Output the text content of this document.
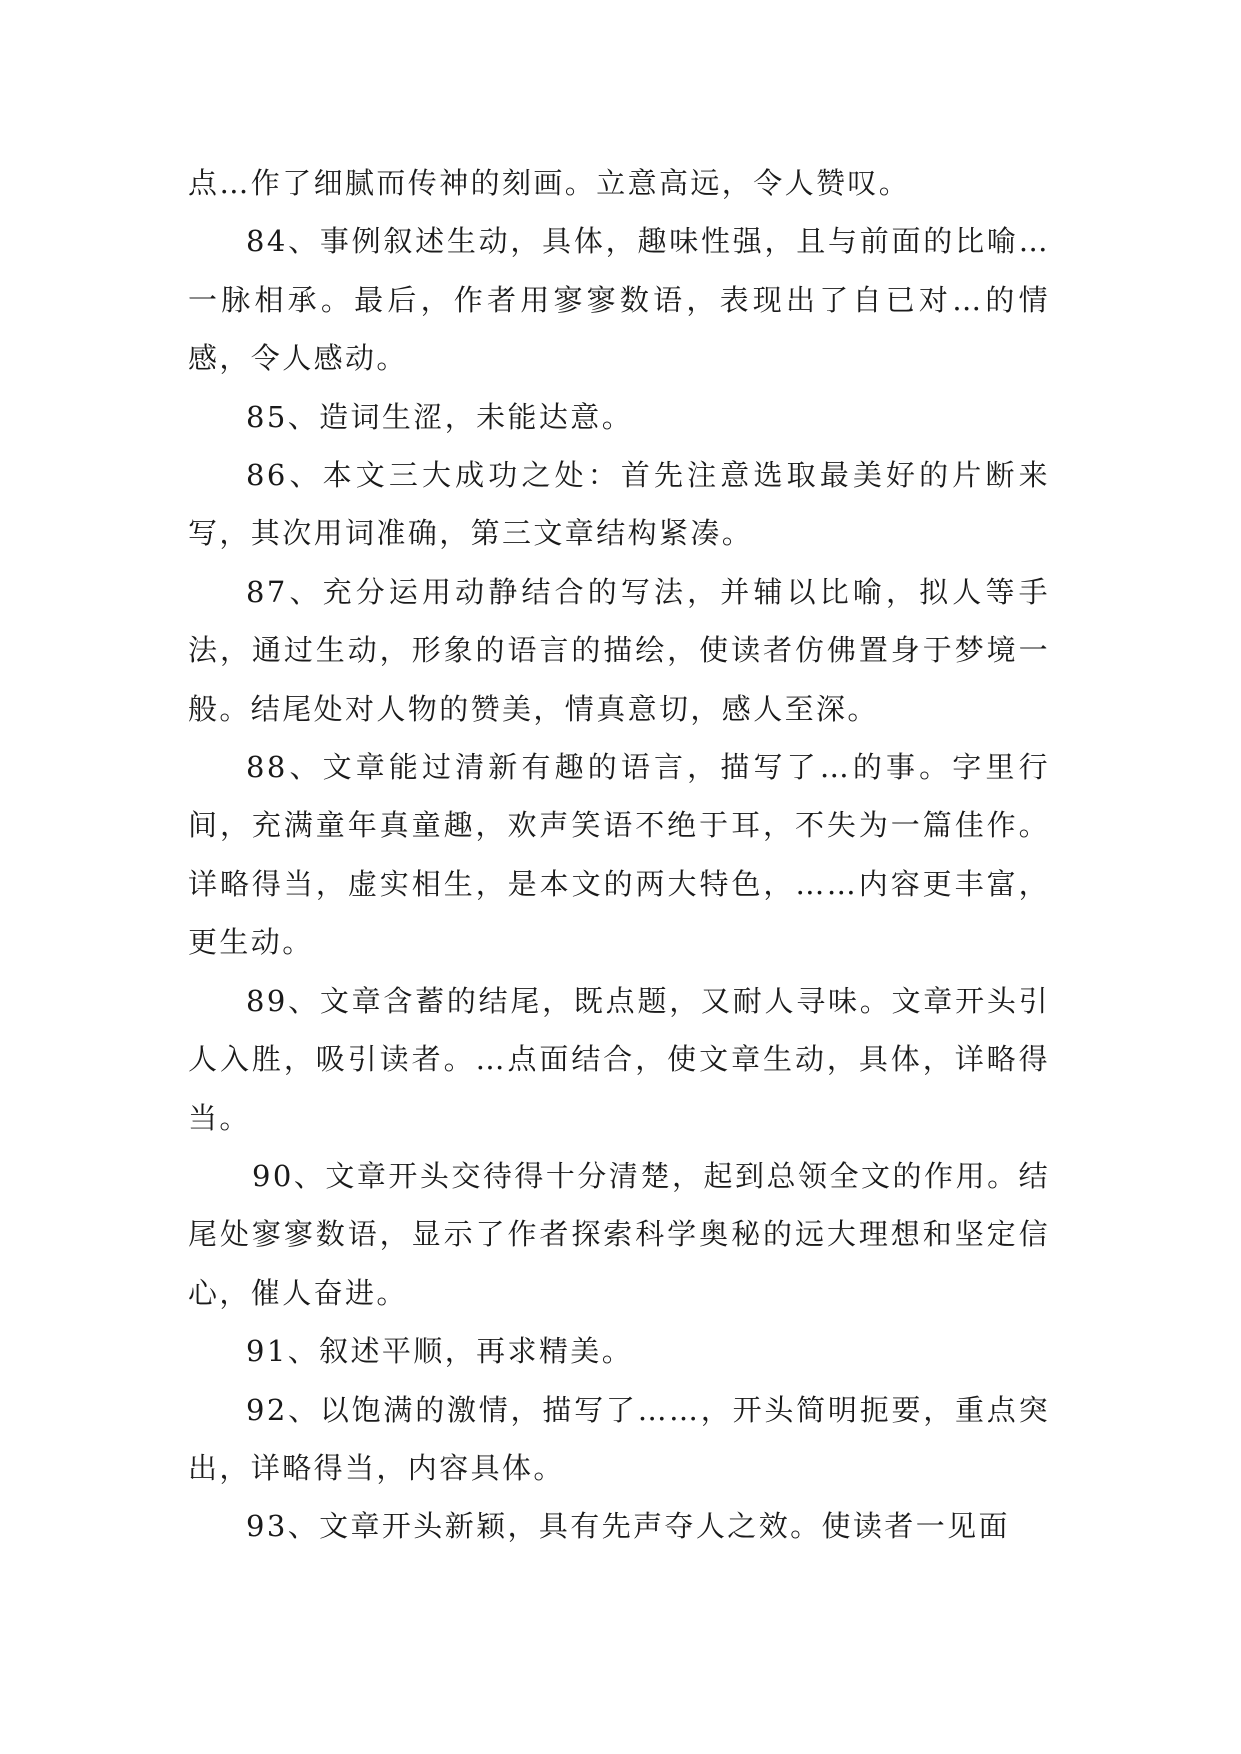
点…作了细腻而传神的刻画。立意高远，令人赞叹。

84、事例叙述生动，具体，趣味性强，且与前面的比喻…一脉相承。最后，作者用寥寥数语，表现出了自已对…的情感，令人感动。

85、造词生涩，未能达意。

86、本文三大成功之处：首先注意选取最美好的片断来写，其次用词准确，第三文章结构紧凑。

87、充分运用动静结合的写法，并辅以比喻，拟人等手法，通过生动，形象的语言的描绘，使读者仿佛置身于梦境一般。结尾处对人物的赞美，情真意切，感人至深。

88、文章能过清新有趣的语言，描写了…的事。字里行间，充满童年真童趣，欢声笑语不绝于耳，不失为一篇佳作。详略得当，虚实相生，是本文的两大特色，……内容更丰富，更生动。

89、文章含蓄的结尾，既点题，又耐人寻味。文章开头引人入胜，吸引读者。…点面结合，使文章生动，具体，详略得当。

90、文章开头交待得十分清楚，起到总领全文的作用。结尾处寥寥数语，显示了作者探索科学奥秘的远大理想和坚定信心，催人奋进。

91、叙述平顺，再求精美。

92、以饱满的激情，描写了……，开头简明扼要，重点突出，详略得当，内容具体。

93、文章开头新颖，具有先声夺人之效。使读者一见面
